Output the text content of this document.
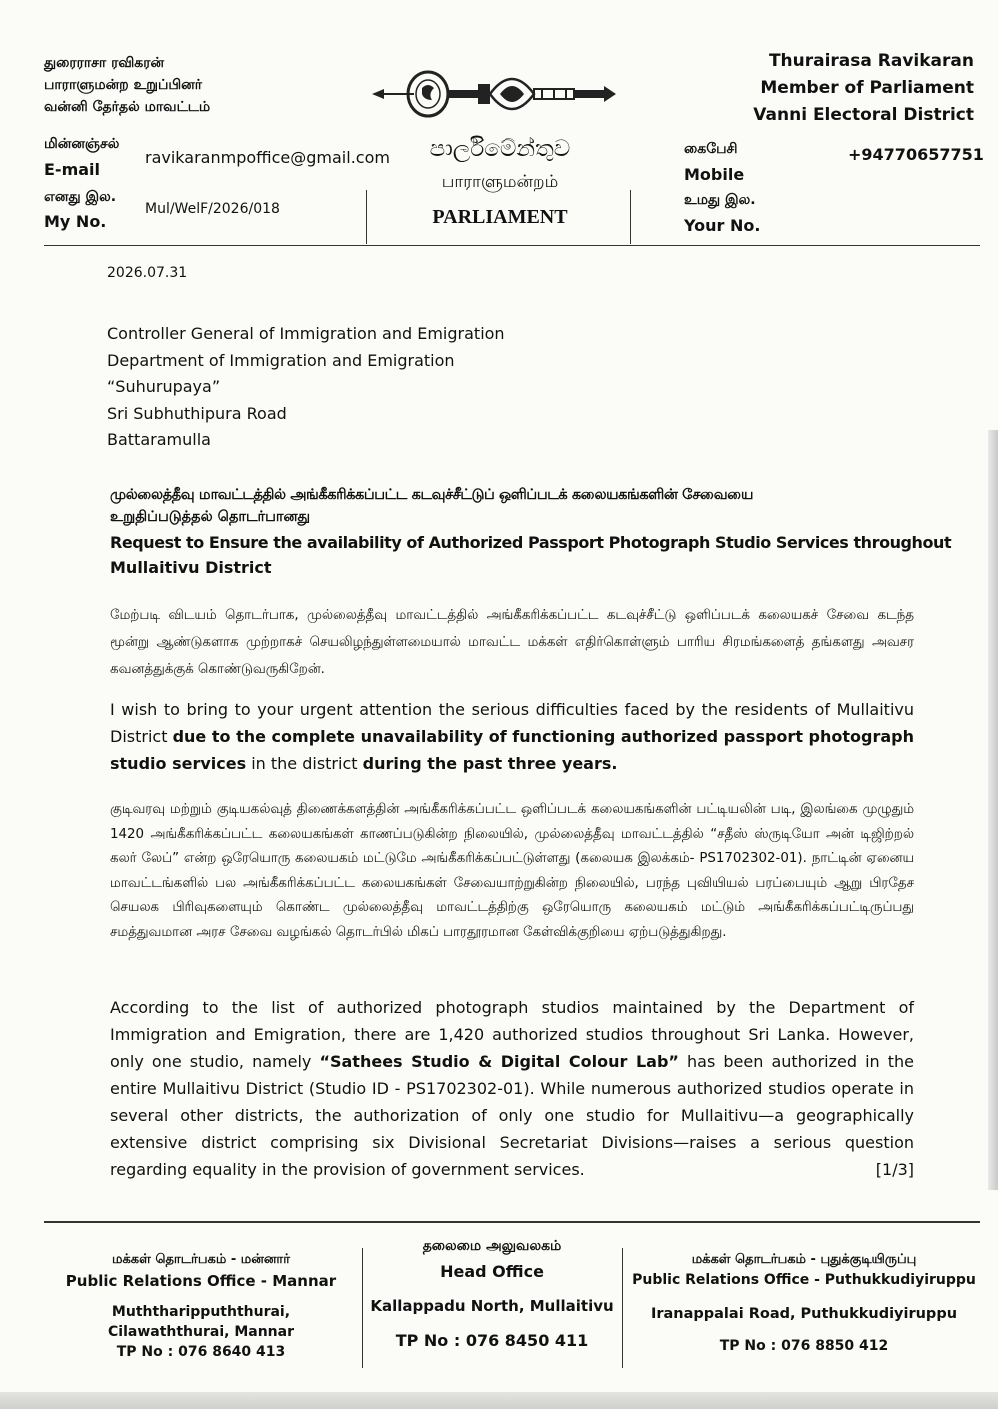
துரைராசா ரவிகரன்
பாராளுமன்ற உறுப்பினர்
வன்னி தேர்தல் மாவட்டம்
Thurairasa Ravikaran
Member of Parliament
Vanni Electoral District
மின்னஞ்சல்
E-mail
ravikaranmpoffice@gmail.com
எனது இல.
My No.
Mul/WelF/2026/018
පාර්ලිමේන්තුව
பாராளுமன்றம்
PARLIAMENT
கைபேசி
Mobile
+94770657751
உமது இல.
Your No.
2026.07.31
Controller General of Immigration and Emigration
Department of Immigration and Emigration
“Suhurupaya”
Sri Subhuthipura Road
Battaramulla
முல்லைத்தீவு மாவட்டத்தில் அங்கீகரிக்கப்பட்ட கடவுச்சீட்டுப் ஒளிப்படக் கலையகங்களின் சேவையை
உறுதிப்படுத்தல் தொடர்பானது
Request to Ensure the availability of Authorized Passport Photograph Studio Services throughout
Mullaitivu District
மேற்படி விடயம் தொடர்பாக, முல்லைத்தீவு மாவட்டத்தில் அங்கீகரிக்கப்பட்ட கடவுச்சீட்டு ஒளிப்படக் கலையகச் சேவை கடந்த மூன்று ஆண்டுகளாக முற்றாகச் செயலிழந்துள்ளமையால் மாவட்ட மக்கள் எதிர்கொள்ளும் பாரிய சிரமங்களைத் தங்களது அவசர கவனத்துக்குக் கொண்டுவருகிறேன்.
I wish to bring to your urgent attention the serious difficulties faced by the residents of Mullaitivu District due to the complete unavailability of functioning authorized passport photograph studio services in the district during the past three years.
குடிவரவு மற்றும் குடியகல்வுத் திணைக்களத்தின் அங்கீகரிக்கப்பட்ட ஒளிப்படக் கலையகங்களின் பட்டியலின் படி, இலங்கை முழுதும் 1420 அங்கீகரிக்கப்பட்ட கலையகங்கள் காணப்படுகின்ற நிலையில், முல்லைத்தீவு மாவட்டத்தில் “சதீஸ் ஸ்ருடியோ அன் டிஜிற்றல் கலர் லேப்” என்ற ஒரேயொரு கலையகம் மட்டுமே அங்கீகரிக்கப்பட்டுள்ளது (கலையக இலக்கம்- PS1702302-01). நாட்டின் ஏனைய மாவட்டங்களில் பல அங்கீகரிக்கப்பட்ட கலையகங்கள் சேவையாற்றுகின்ற நிலையில், பரந்த புவியியல் பரப்பையும் ஆறு பிரதேச செயலக பிரிவுகளையும் கொண்ட முல்லைத்தீவு மாவட்டத்திற்கு ஒரேயொரு கலையகம் மட்டும் அங்கீகரிக்கப்பட்டிருப்பது சமத்துவமான அரச சேவை வழங்கல் தொடர்பில் மிகப் பாரதூரமான கேள்விக்குறியை ஏற்படுத்துகிறது.
According to the list of authorized photograph studios maintained by the Department of Immigration and Emigration, there are 1,420 authorized studios throughout Sri Lanka. However, only one studio, namely “Sathees Studio & Digital Colour Lab” has been authorized in the entire Mullaitivu District (Studio ID - PS1702302-01). While numerous authorized studios operate in several other districts, the authorization of only one studio for Mullaitivu—a geographically extensive district comprising six Divisional Secretariat Divisions—raises a serious question regarding equality in the provision of government services.	[1/3]
மக்கள் தொடர்பகம் - மன்னார்
Public Relations Office - Mannar
Muththarippuththurai,
Cilawaththurai, Mannar
TP No : 076 8640 413
தலைமை அலுவலகம்
Head Office
Kallappadu North, Mullaitivu
TP No : 076 8450 411
மக்கள் தொடர்பகம் - புதுக்குடியிருப்பு
Public Relations Office - Puthukkudiyiruppu
Iranappalai Road, Puthukkudiyiruppu
TP No : 076 8850 412
